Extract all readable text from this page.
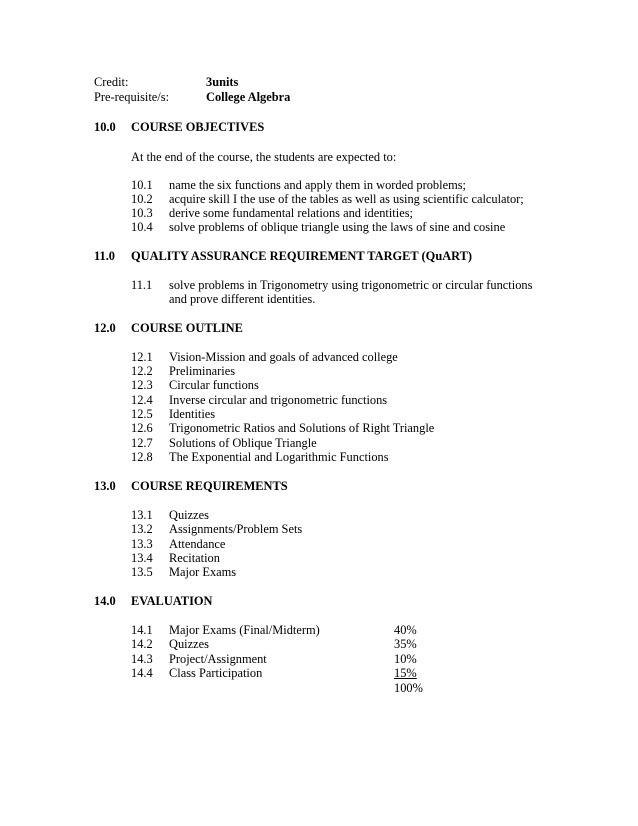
Credit:	3units
Pre-requisite/s:	College Algebra
10.0 COURSE OBJECTIVES
At the end of the course, the students are expected to:
10.1 name the six functions and apply them in worded problems;
10.2 acquire skill I the use of the tables as well as using scientific calculator;
10.3 derive some fundamental relations and identities;
10.4 solve problems of oblique triangle using the laws of sine and cosine
11.0 QUALITY ASSURANCE REQUIREMENT TARGET (QuART)
11.1 solve problems in Trigonometry using trigonometric or circular functions
and prove different identities.
12.0 COURSE OUTLINE
12.1 Vision-Mission and goals of advanced college
12.2 Preliminaries
12.3 Circular functions
12.4 Inverse circular and trigonometric functions
12.5 Identities
12.6 Trigonometric Ratios and Solutions of Right Triangle
12.7 Solutions of Oblique Triangle
12.8 The Exponential and Logarithmic Functions
13.0 COURSE REQUIREMENTS
13.1 Quizzes
13.2 Assignments/Problem Sets
13.3 Attendance
13.4 Recitation
13.5 Major Exams
14.0 EVALUATION
14.1 Major Exams (Final/Midterm)	40%
14.2 Quizzes	35%
14.3 Project/Assignment	10%
14.4 Class Participation	15%
100%
